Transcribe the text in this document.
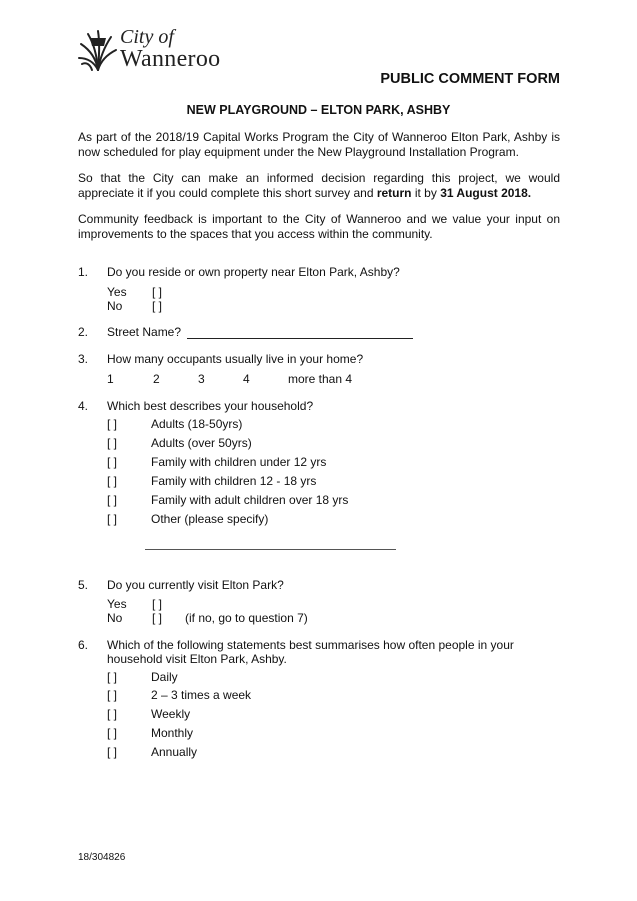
City of
Wanneroo
PUBLIC COMMENT FORM
NEW PLAYGROUND – ELTON PARK, ASHBY
As part of the 2018/19 Capital Works Program the City of Wanneroo Elton Park, Ashby is now scheduled for play equipment under the New Playground Installation Program.
So that the City can make an informed decision regarding this project, we would appreciate it if you could complete this short survey and return it by 31 August 2018.
Community feedback is important to the City of Wanneroo and we value your input on improvements to the spaces that you access within the community.
1. Do you reside or own property near Elton Park, Ashby?
Yes [ ]
No [ ]
2. Street Name?
3. How many occupants usually live in your home?
1	2	3	4	more than 4
4. Which best describes your household?
[ ]	Adults (18-50yrs)
[ ]	Adults (over 50yrs)
[ ]	Family with children under 12 yrs
[ ]	Family with children 12 - 18 yrs
[ ]	Family with adult children over 18 yrs
[ ]	Other (please specify)
5. Do you currently visit Elton Park?
Yes [ ]
No [ ] (if no, go to question 7)
6. Which of the following statements best summarises how often people in your
household visit Elton Park, Ashby.
[ ]	Daily
[ ]	2 – 3 times a week
[ ]	Weekly
[ ]	Monthly
[ ]	Annually
18/304826
